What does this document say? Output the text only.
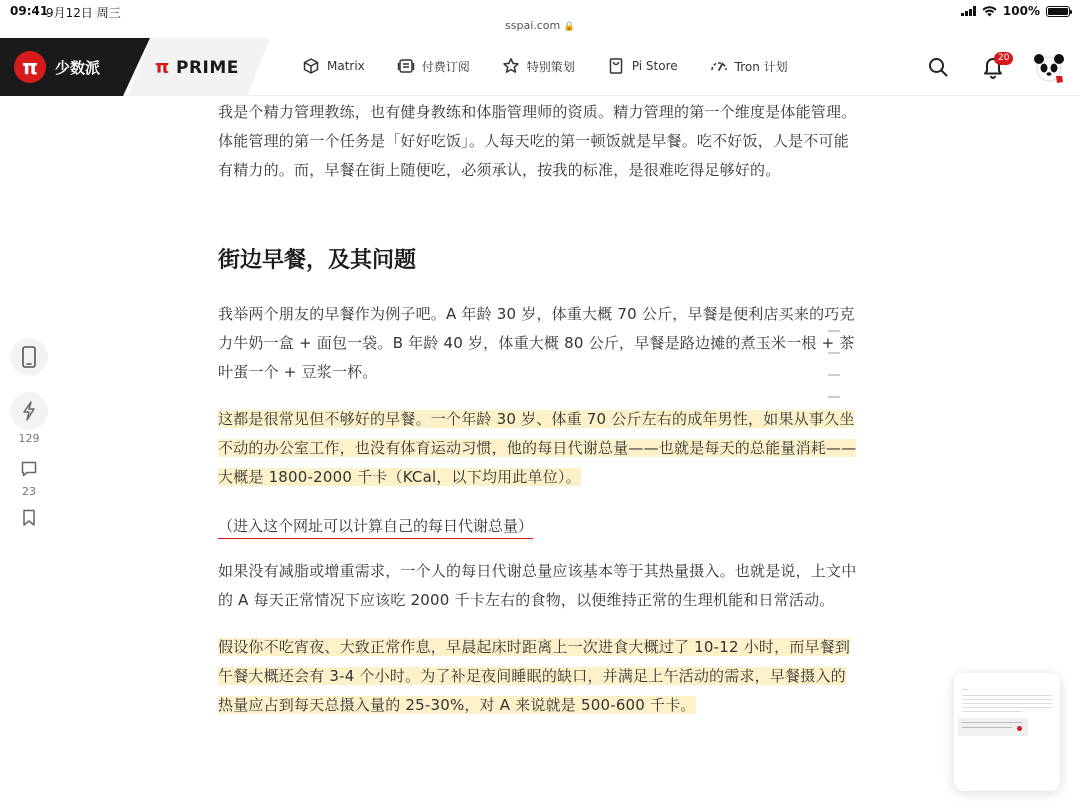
09:41
9月12日 周三
sspai.com 🔒
100%
π	少数派	π PRIME	Matrix	付费订阅	特别策划	Pi Store	Tron 计划
20
129
23

我是个精力管理教练，也有健身教练和体脂管理师的资质。精力管理的第一个维度是体能管理。体能管理的第一个任务是「好好吃饭」。人每天吃的第一顿饭就是早餐。吃不好饭，人是不可能有精力的。而，早餐在街上随便吃，必须承认，按我的标准，是很难吃得足够好的。

街边早餐，及其问题

我举两个朋友的早餐作为例子吧。A 年龄 30 岁，体重大概 70 公斤，早餐是便利店买来的巧克力牛奶一盒 + 面包一袋。B 年龄 40 岁，体重大概 80 公斤，早餐是路边摊的煮玉米一根 + 茶叶蛋一个 + 豆浆一杯。

这都是很常见但不够好的早餐。一个年龄 30 岁、体重 70 公斤左右的成年男性，如果从事久坐不动的办公室工作，也没有体育运动习惯，他的每日代谢总量——也就是每天的总能量消耗——大概是 1800-2000 千卡（KCal，以下均用此单位）。

（进入这个网址可以计算自己的每日代谢总量）

如果没有减脂或增重需求，一个人的每日代谢总量应该基本等于其热量摄入。也就是说，上文中的 A 每天正常情况下应该吃 2000 千卡左右的食物，以便维持正常的生理机能和日常活动。

假设你不吃宵夜、大致正常作息，早晨起床时距离上一次进食大概过了 10-12 小时，而早餐到午餐大概还会有 3-4 个小时。为了补足夜间睡眠的缺口，并满足上午活动的需求，早餐摄入的热量应占到每天总摄入量的 25-30%，对 A 来说就是 500-600 千卡。
